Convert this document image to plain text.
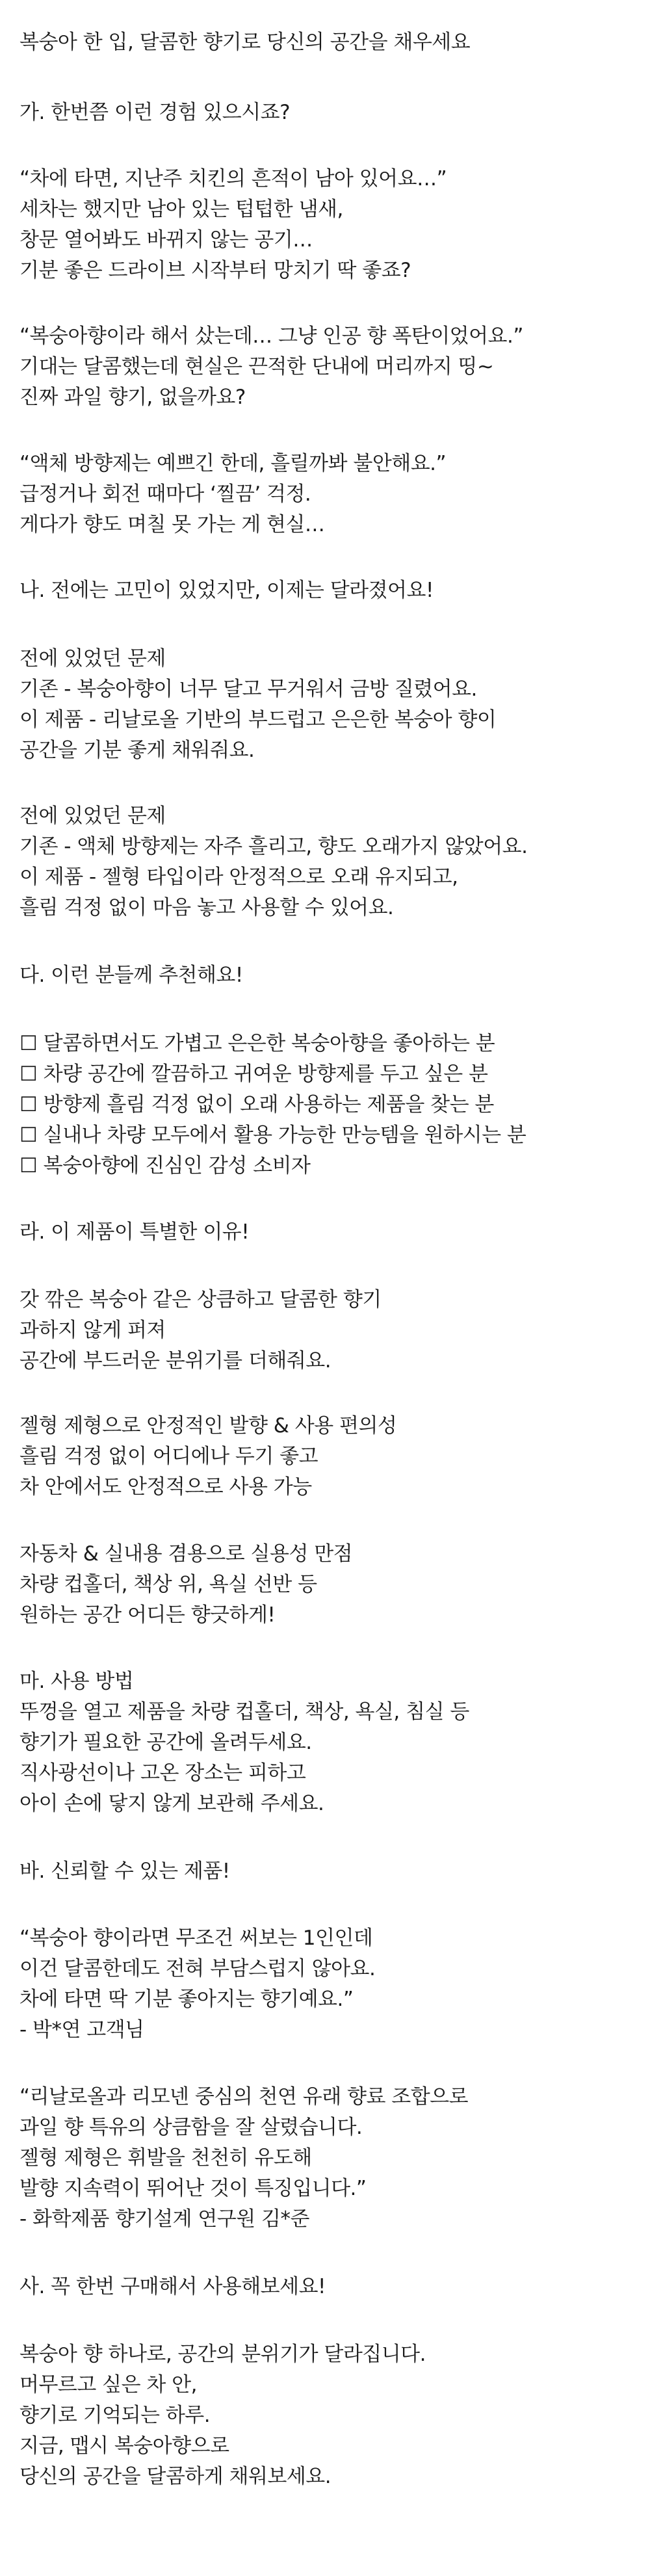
복숭아 한 입, 달콤한 향기로 당신의 공간을 채우세요

가. 한번쯤 이런 경험 있으시죠?

“차에 타면, 지난주 치킨의 흔적이 남아 있어요…”

세차는 했지만 남아 있는 텁텁한 냄새,

창문 열어봐도 바뀌지 않는 공기…

기분 좋은 드라이브 시작부터 망치기 딱 좋죠?

“복숭아향이라 해서 샀는데… 그냥 인공 향 폭탄이었어요.”

기대는 달콤했는데 현실은 끈적한 단내에 머리까지 띵~

진짜 과일 향기, 없을까요?

“액체 방향제는 예쁘긴 한데, 흘릴까봐 불안해요.”

급정거나 회전 때마다 ‘찔끔’ 걱정.

게다가 향도 며칠 못 가는 게 현실…

나. 전에는 고민이 있었지만, 이제는 달라졌어요!

전에 있었던 문제

기존 - 복숭아향이 너무 달고 무거워서 금방 질렸어요.

이 제품 - 리날로올 기반의 부드럽고 은은한 복숭아 향이

공간을 기분 좋게 채워줘요.

전에 있었던 문제

기존 - 액체 방향제는 자주 흘리고, 향도 오래가지 않았어요.

이 제품 - 젤형 타입이라 안정적으로 오래 유지되고,

흘림 걱정 없이 마음 놓고 사용할 수 있어요.

다. 이런 분들께 추천해요!

☐ 달콤하면서도 가볍고 은은한 복숭아향을 좋아하는 분

☐ 차량 공간에 깔끔하고 귀여운 방향제를 두고 싶은 분

☐ 방향제 흘림 걱정 없이 오래 사용하는 제품을 찾는 분

☐ 실내나 차량 모두에서 활용 가능한 만능템을 원하시는 분

☐ 복숭아향에 진심인 감성 소비자

라. 이 제품이 특별한 이유!

갓 깎은 복숭아 같은 상큼하고 달콤한 향기

과하지 않게 퍼져

공간에 부드러운 분위기를 더해줘요.

젤형 제형으로 안정적인 발향 & 사용 편의성

흘림 걱정 없이 어디에나 두기 좋고

차 안에서도 안정적으로 사용 가능

자동차 & 실내용 겸용으로 실용성 만점

차량 컵홀더, 책상 위, 욕실 선반 등

원하는 공간 어디든 향긋하게!

마. 사용 방법

뚜껑을 열고 제품을 차량 컵홀더, 책상, 욕실, 침실 등

향기가 필요한 공간에 올려두세요.

직사광선이나 고온 장소는 피하고

아이 손에 닿지 않게 보관해 주세요.

바. 신뢰할 수 있는 제품!

“복숭아 향이라면 무조건 써보는 1인인데

이건 달콤한데도 전혀 부담스럽지 않아요.

차에 타면 딱 기분 좋아지는 향기예요.”

- 박*연 고객님

“리날로올과 리모넨 중심의 천연 유래 향료 조합으로

과일 향 특유의 상큼함을 잘 살렸습니다.

젤형 제형은 휘발을 천천히 유도해

발향 지속력이 뛰어난 것이 특징입니다.”

- 화학제품 향기설계 연구원 김*준

사. 꼭 한번 구매해서 사용해보세요!

복숭아 향 하나로, 공간의 분위기가 달라집니다.

머무르고 싶은 차 안,

향기로 기억되는 하루.

지금, 맵시 복숭아향으로

당신의 공간을 달콤하게 채워보세요.
